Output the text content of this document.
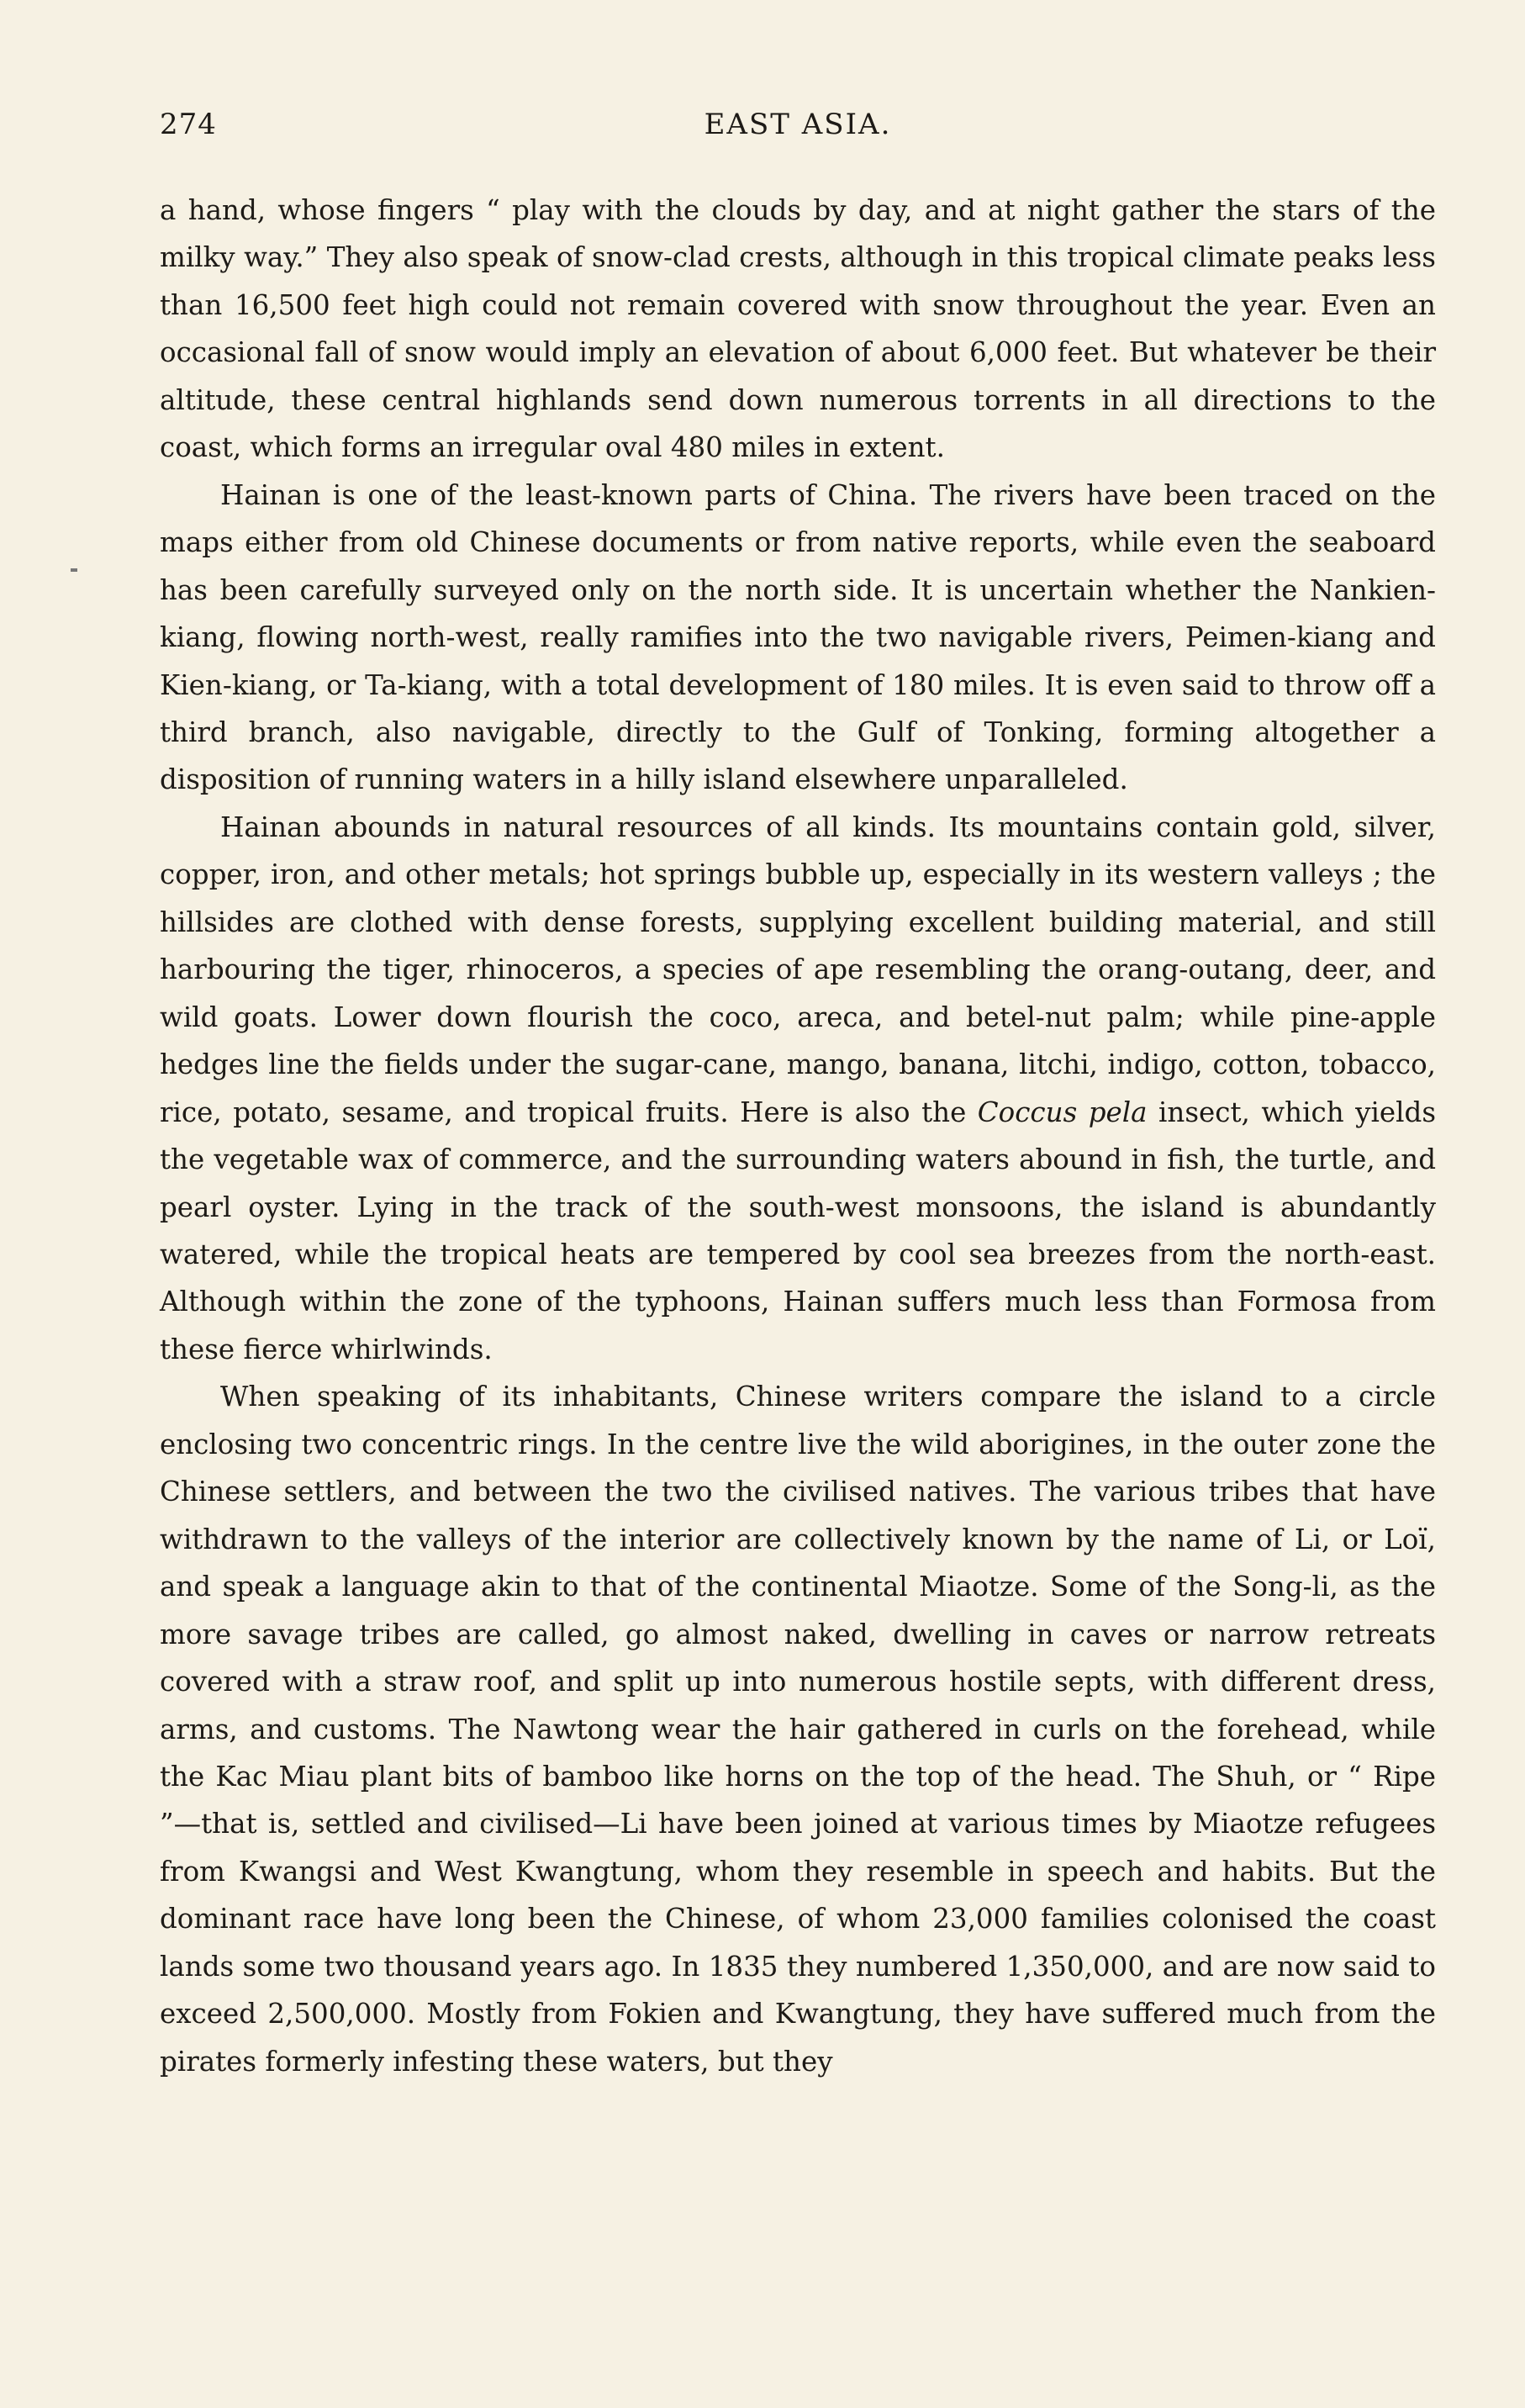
274	EAST ASIA.

a hand, whose fingers “ play with the clouds by day, and at night gather the stars of the milky way.” They also speak of snow-clad crests, although in this tropical climate peaks less than 16,500 feet high could not remain covered with snow throughout the year. Even an occasional fall of snow would imply an elevation of about 6,000 feet. But whatever be their altitude, these central highlands send down numerous torrents in all directions to the coast, which forms an irregular oval 480 miles in extent.

Hainan is one of the least-known parts of China. The rivers have been traced on the maps either from old Chinese documents or from native reports, while even the seaboard has been carefully surveyed only on the north side. It is uncertain whether the Nankien-kiang, flowing north-west, really ramifies into the two navigable rivers, Peimen-kiang and Kien-kiang, or Ta-kiang, with a total development of 180 miles. It is even said to throw off a third branch, also navigable, directly to the Gulf of Tonking, forming altogether a disposition of running waters in a hilly island elsewhere unparalleled.

Hainan abounds in natural resources of all kinds. Its mountains contain gold, silver, copper, iron, and other metals; hot springs bubble up, especially in its western valleys ; the hillsides are clothed with dense forests, supplying excellent building material, and still harbouring the tiger, rhinoceros, a species of ape resembling the orang-outang, deer, and wild goats. Lower down flourish the coco, areca, and betel-nut palm; while pine-apple hedges line the fields under the sugar-cane, mango, banana, litchi, indigo, cotton, tobacco, rice, potato, sesame, and tropical fruits. Here is also the Coccus pela insect, which yields the vegetable wax of commerce, and the surrounding waters abound in fish, the turtle, and pearl oyster. Lying in the track of the south-west monsoons, the island is abundantly watered, while the tropical heats are tempered by cool sea breezes from the north-east. Although within the zone of the typhoons, Hainan suffers much less than Formosa from these fierce whirlwinds.

When speaking of its inhabitants, Chinese writers compare the island to a circle enclosing two concentric rings. In the centre live the wild aborigines, in the outer zone the Chinese settlers, and between the two the civilised natives. The various tribes that have withdrawn to the valleys of the interior are collectively known by the name of Li, or Loï, and speak a language akin to that of the continental Miaotze. Some of the Song-li, as the more savage tribes are called, go almost naked, dwelling in caves or narrow retreats covered with a straw roof, and split up into numerous hostile septs, with different dress, arms, and customs. The Nawtong wear the hair gathered in curls on the forehead, while the Kac Miau plant bits of bamboo like horns on the top of the head. The Shuh, or “ Ripe ”—that is, settled and civilised—Li have been joined at various times by Miaotze refugees from Kwangsi and West Kwangtung, whom they resemble in speech and habits. But the dominant race have long been the Chinese, of whom 23,000 families colonised the coast lands some two thousand years ago. In 1835 they numbered 1,350,000, and are now said to exceed 2,500,000. Mostly from Fokien and Kwangtung, they have suffered much from the pirates formerly infesting these waters, but they
